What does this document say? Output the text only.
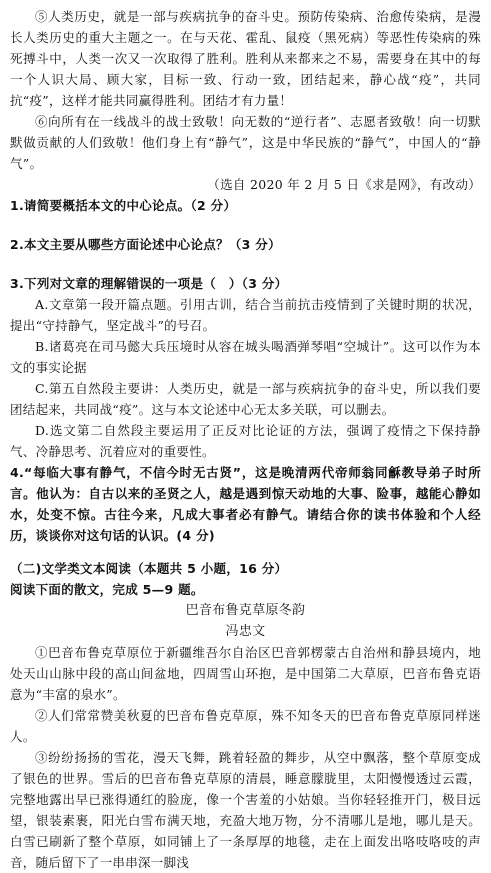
⑤人类历史，就是一部与疾病抗争的奋斗史。预防传染病、治愈传染病，是漫长人类历史的重大主题之一。在与天花、霍乱、鼠疫（黑死病）等恶性传染病的殊死搏斗中，人类一次又一次取得了胜利。胜利从来都来之不易，需要身在其中的每一个人识大局、顾大家，目标一致、行动一致，团结起来，静心战“疫”，共同抗“疫”，这样才能共同赢得胜利。团结才有力量！

⑥向所有在一线战斗的战士致敬！向无数的“逆行者”、志愿者致敬！向一切默默做贡献的人们致敬！他们身上有“静气”，这是中华民族的“静气”，中国人的“静气”。

（选自 2020 年 2 月 5 日《求是网》，有改动）

1.请简要概括本文的中心论点。（2 分）

2.本文主要从哪些方面论述中心论点？（3 分）

3.下列对文章的理解错误的一项是（　）（3 分）

A.文章第一段开篇点题。引用古训，结合当前抗击疫情到了关键时期的状况，提出“守持静气，坚定战斗”的号召。

B.诸葛亮在司马懿大兵压境时从容在城头喝酒弹琴唱“空城计”。这可以作为本文的事实论据

C.第五自然段主要讲：人类历史，就是一部与疾病抗争的奋斗史，所以我们要团结起来，共同战“疫”。这与本文论述中心无太多关联，可以删去。

D.选文第二自然段主要运用了正反对比论证的方法，强调了疫情之下保持静气、冷静思考、沉着应对的重要性。

4.“每临大事有静气，不信今时无古贤”，这是晚清两代帝师翁同龢教导弟子时所言。他认为：自古以来的圣贤之人，越是遇到惊天动地的大事、险事，越能心静如水，处变不惊。古往今来，凡成大事者必有静气。请结合你的读书体验和个人经历，谈谈你对这句话的认识。(4 分)

（二)文学类文本阅读（本题共 5 小题，16 分）

阅读下面的散文，完成 5—9 题。

巴音布鲁克草原冬韵

冯忠文

①巴音布鲁克草原位于新疆维吾尔自治区巴音郭楞蒙古自治州和静县境内，地处天山山脉中段的高山间盆地，四周雪山环抱，是中国第二大草原，巴音布鲁克语意为“丰富的泉水”。

②人们常常赞美秋夏的巴音布鲁克草原，殊不知冬天的巴音布鲁克草原同样迷人。

③纷纷扬扬的雪花，漫天飞舞，跳着轻盈的舞步，从空中飘落，整个草原变成了银色的世界。雪后的巴音布鲁克草原的清晨，睡意朦胧里，太阳慢慢透过云霞，完整地露出早已涨得通红的脸庞，像一个害羞的小姑娘。当你轻轻推开门，极目远望，银装素裹，阳光白雪布满天地，充盈大地万物，分不清哪儿是地，哪儿是天。白雪已刷新了整个草原，如同铺上了一条厚厚的地毯，走在上面发出咯吱咯吱的声音，随后留下了一串串深一脚浅
